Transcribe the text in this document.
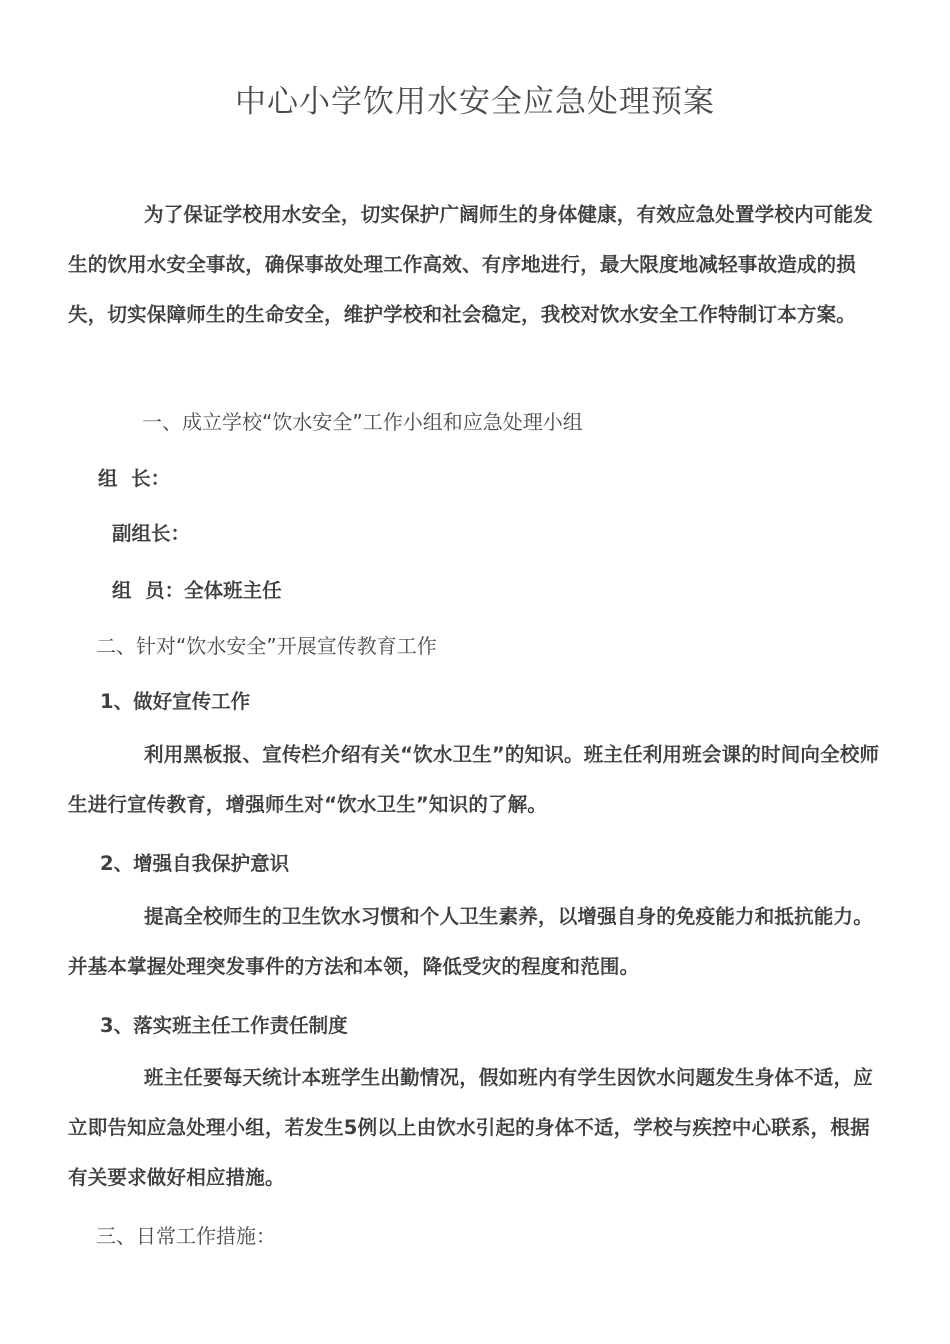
中心小学饮用水安全应急处理预案

为了保证学校用水安全，切实保护广阔师生的身体健康，有效应急处置学校内可能发生的饮用水安全事故，确保事故处理工作高效、有序地进行，最大限度地减轻事故造成的损失，切实保障师生的生命安全，维护学校和社会稳定，我校对饮水安全工作特制订本方案。

一、成立学校“饮水安全”工作小组和应急处理小组

组  长：

副组长：

组  员：全体班主任

二、针对“饮水安全”开展宣传教育工作

1、做好宣传工作

利用黑板报、宣传栏介绍有关“饮水卫生”的知识。班主任利用班会课的时间向全校师生进行宣传教育，增强师生对“饮水卫生”知识的了解。

2、增强自我保护意识

提高全校师生的卫生饮水习惯和个人卫生素养，以增强自身的免疫能力和抵抗能力。并基本掌握处理突发事件的方法和本领，降低受灾的程度和范围。

3、落实班主任工作责任制度

班主任要每天统计本班学生出勤情况，假如班内有学生因饮水问题发生身体不适，应立即告知应急处理小组，若发生5例以上由饮水引起的身体不适，学校与疾控中心联系，根据有关要求做好相应措施。

三、日常工作措施：
